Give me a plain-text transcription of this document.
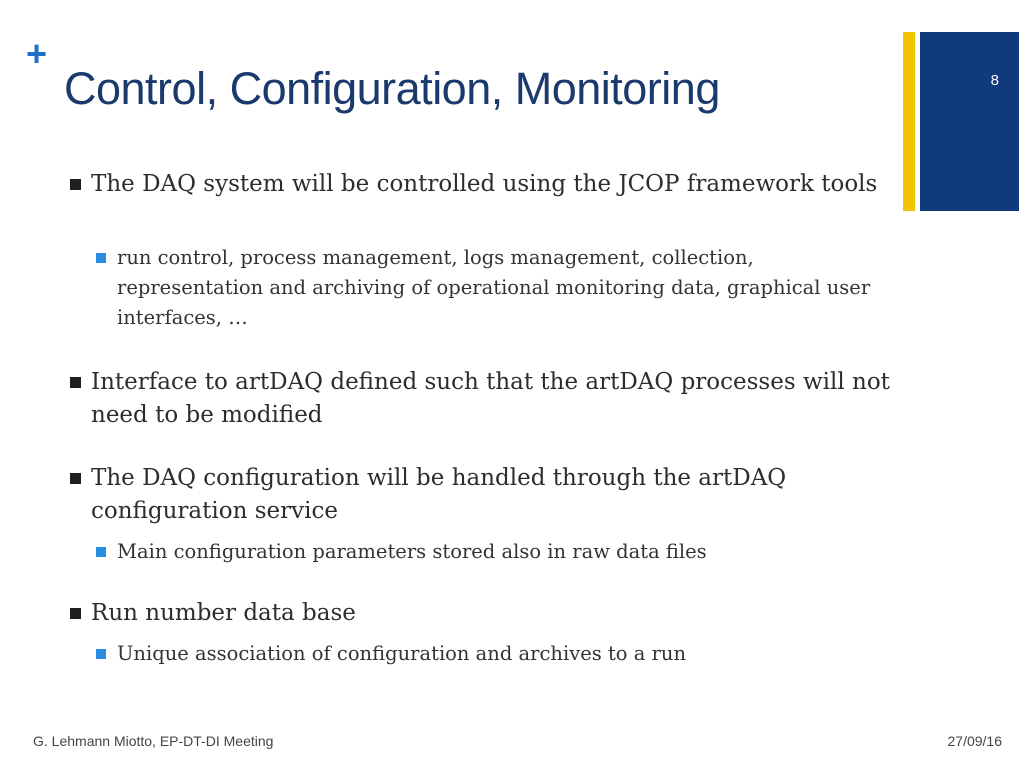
+
Control, Configuration, Monitoring	8
The DAQ system will be controlled using the JCOP framework tools
run control, process management, logs management, collection, representation and archiving of operational monitoring data, graphical user interfaces, …
Interface to artDAQ defined such that the artDAQ processes will not need to be modified
The DAQ configuration will be handled through the artDAQ configuration service
Main configuration parameters stored also in raw data files
Run number data base
Unique association of configuration and archives to a run
G. Lehmann Miotto, EP-DT-DI Meeting	27/09/16
